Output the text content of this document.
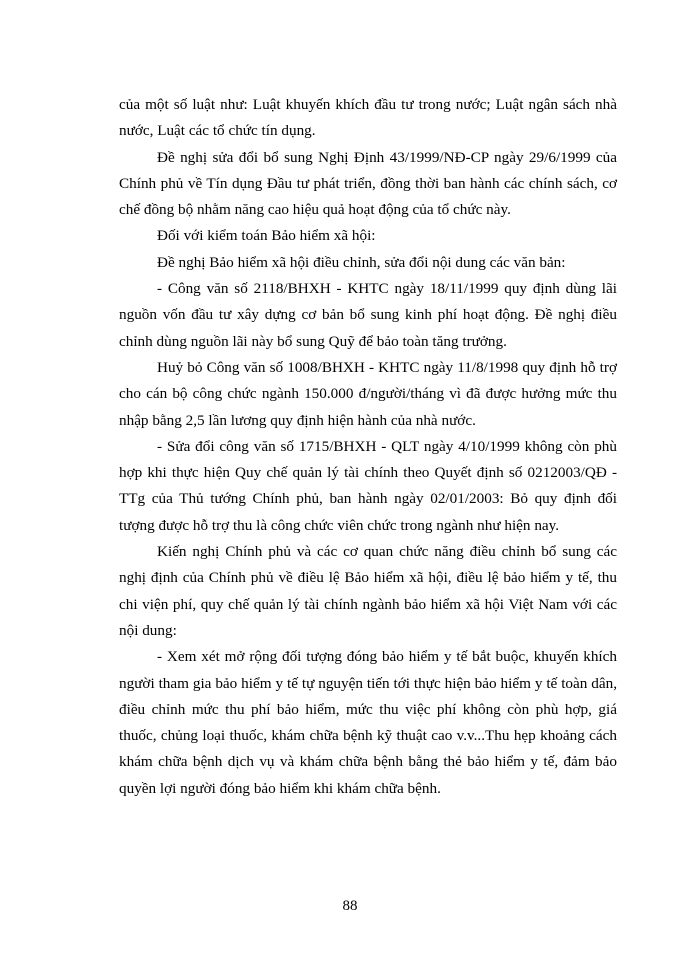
của một số luật như: Luật khuyến khích đầu tư trong nước; Luật ngân sách nhà nước, Luật các tổ chức tín dụng.

Đề nghị sửa đổi bổ sung Nghị Định 43/1999/NĐ-CP ngày 29/6/1999 của Chính phủ về Tín dụng Đầu tư phát triển, đồng thời ban hành các chính sách, cơ chế đồng bộ nhằm năng cao hiệu quả hoạt động của tổ chức này.

Đối với kiểm toán Bảo hiểm xã hội:

Đề nghị Bảo hiểm xã hội điều chỉnh, sửa đổi nội dung các văn bản:

- Công văn số 2118/BHXH - KHTC ngày 18/11/1999 quy định dùng lãi nguồn vốn đầu tư xây dựng cơ bản bổ sung kinh phí hoạt động. Đề nghị điều chỉnh dùng nguồn lãi này bổ sung Quỹ để bảo toàn tăng trưởng.

Huỷ bỏ Công văn số 1008/BHXH - KHTC ngày 11/8/1998 quy định hỗ trợ cho cán bộ công chức ngành 150.000 đ/người/tháng vì đã được hưởng mức thu nhập bằng 2,5 lần lương quy định hiện hành của nhà nước.

- Sửa đổi công văn số 1715/BHXH - QLT ngày 4/10/1999 không còn phù hợp khi thực hiện Quy chế quản lý tài chính theo Quyết định số 0212003/QĐ - TTg của Thủ tướng Chính phủ, ban hành ngày 02/01/2003: Bỏ quy định đối tượng được hỗ trợ thu là công chức viên chức trong ngành như hiện nay.

Kiến nghị Chính phủ và các cơ quan chức năng điều chỉnh bổ sung các nghị định của Chính phủ về điều lệ Bảo hiểm xã hội, điều lệ bảo hiểm y tế, thu chi viện phí, quy chế quản lý tài chính ngành bảo hiểm xã hội Việt Nam với các nội dung:

- Xem xét mở rộng đối tượng đóng bảo hiểm y tế bắt buộc, khuyến khích người tham gia bảo hiểm y tế tự nguyện tiến tới thực hiện bảo hiểm y tế toàn dân, điều chỉnh mức thu phí bảo hiểm, mức thu việc phí không còn phù hợp, giá thuốc, chủng loại thuốc, khám chữa bệnh kỹ thuật cao v.v...Thu hẹp khoảng cách khám chữa bệnh dịch vụ và khám chữa bệnh bằng thẻ bảo hiểm y tế, đảm bảo quyền lợi người đóng bảo hiểm khi khám chữa bệnh.

88
